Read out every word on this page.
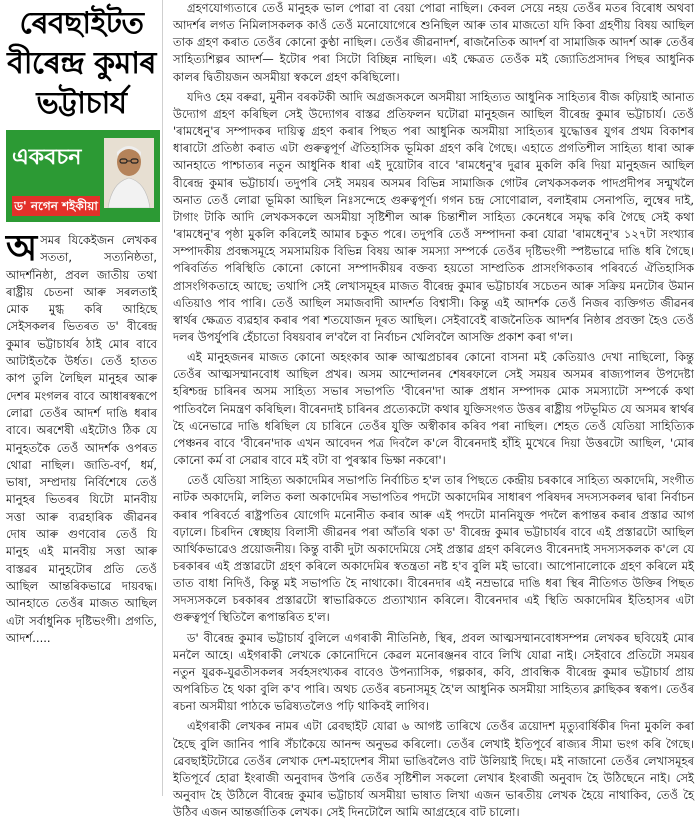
ৰেবছাইটত বীৰেন্দ্ৰ কুমাৰ ভট্টাচাৰ্য
একবচন
ড' নগেন শইকীয়া
অসমৰ যিকেইজন লেখকৰ সততা, সত্যনিষ্ঠতা, আদৰ্শনিষ্ঠা, প্ৰবল জাতীয় তথা ৰাষ্ট্ৰীয় চেতনা আৰু সৰলতাই মোক মুগ্ধ কৰি আহিছে সেইসকলৰ ভিতৰত ড' বীৰেন্দ্ৰ কুমাৰ ভট্টাচাৰ্যৰ ঠাই মোৰ বাবে আটাইতকৈ উৰ্ধত। তেওঁ হাতত কাপ তুলি লৈছিল মানুহৰ আৰু দেশৰ মংগলৰ বাবে আধাৰস্বৰূপে লোৱা তেওঁৰ আদৰ্শ দাঙি ধৰাৰ বাবে। অৰশেষী এইটোও ঠিক যে মানুহতকৈ তেওঁ আদৰ্শক ওপৰত থোৱা নাছিল। জাতি-বৰ্ণ, ধৰ্ম, ভাষা, সম্প্ৰদায় নিৰ্বিশেষে তেওঁ মানুহৰ ভিতৰৰ যিটো মানবীয় সত্তা আৰু ব্যৱহাৰিক জীৱনৰ দোষ আৰু গুণবোৰ তেওঁ যি মানুহ এই মানবীয় সত্তা আৰু বাস্তৱৰ মানুহটোৰ প্ৰতি তেওঁ আছিল আন্তৰিকভাৱে দায়বদ্ধ। আনহাতে তেওঁৰ মাজত আছিল এটা সৰ্বাধুনিক দৃষ্টিভংগী। প্ৰগতি, আদৰ্শ.....

গ্ৰহণযোগ্যতাৰে তেওঁ মানুহক ভাল পোৱা বা বেয়া পোৱা নাছিল। কেবল সেয়ে নহয় তেওঁৰ মতৰ বিৰোধ অথবা আদৰ্শৰ লগত নিমিলাসকলক কাওঁ তেওঁ মনোযোগেৰে শুনিছিল আৰু তাৰ মাজতো যদি কিবা গ্ৰহণীয় বিষয় আছিল তাক গ্ৰহণ কৰাত তেওঁৰ কোনো কুণ্ঠা নাছিল। তেওঁৰ জীৱনাদৰ্শ, ৰাজনৈতিক আদৰ্শ বা সামাজিক আদৰ্শ আৰু তেওঁৰ সাহিত্যশিল্পৰ আদৰ্শ— ইটোৰ পৰা সিটো বিচ্ছিন্ন নাছিল। এই ক্ষেত্ৰত তেওঁক মই জ্যোতিপ্ৰসাদৰ পিছৰ আধুনিক কালৰ দ্বিতীয়জন অসমীয়া স্বকলে গ্ৰহণ কৰিছিলো।

যদিও হেম বৰুৱা, মুনীন বৰকটকী আদি অগ্ৰজসকলে অসমীয়া সাহিত্যত আধুনিক সাহিত্যৰ বীজ কঢ়িয়াই আনাত উদ্যোগ গ্ৰহণ কৰিছিল সেই উদ্যোগৰ বাস্তৱ প্ৰতিফলন ঘটোৱা মানুহজন আছিল বীৰেন্দ্ৰ কুমাৰ ভট্টাচাৰ্য। তেওঁ 'ৰামধেনু'ৰ সম্পাদকৰ দায়িত্ব গ্ৰহণ কৰাৰ পিছত পৰা আধুনিক অসমীয়া সাহিত্যৰ যুদ্ধোত্তৰ যুগৰ প্ৰথম বিকাশৰ ধাৰাটো প্ৰতিষ্ঠা কৰাত এটা গুৰুত্বপূৰ্ণ ঐতিহাসিক ভূমিকা গ্ৰহণ কৰি গৈছে। এহাতে প্ৰগতিশীল সাহিত্য ধাৰা আৰু আনহাতে পাশ্চাত্যৰ নতুন আধুনিক ধাৰা এই দুয়োটাৰ বাবে 'ৰামধেনু'ৰ দুৱাৰ মুকলি কৰি দিয়া মানুহজন আছিল বীৰেন্দ্ৰ কুমাৰ ভট্টাচাৰ্য। তদুপৰি সেই সময়ৰ অসমৰ বিভিন্ন সামাজিক গোটৰ লেখকসকলক পাদপ্ৰদীপৰ সন্মুখলৈ অনাত তেওঁ লোৱা ভূমিকা আছিল নিঃসন্দেহে গুৰুত্বপূৰ্ণ। গগন চন্দ্ৰ সোণোৱাল, বলাইৰাম সেনাপতি, লুম্বেৰ দাই, টাগাং টাকি আদি লেখকসকলে অসমীয়া সৃষ্টিশীল আৰু চিন্তাশীল সাহিত্য কেনেধৰে সমৃদ্ধ কৰি গৈছে সেই কথা 'ৰামধেনু'ৰ পৃষ্ঠা মুকলি কৰিলেই আমাৰ চকুত পৰে। তদুপৰি তেওঁ সম্পাদনা কৰা যোৱা 'ৰামধেনু'ৰ ১২৭টা সংখ্যাৰ সম্পাদকীয় প্ৰবন্ধসমূহে সমসাময়িক বিভিন্ন বিষয় আৰু সমস্যা সম্পৰ্কে তেওঁৰ দৃষ্টিভংগী স্পষ্টভাৱে দাঙি ধৰি গৈছে। পৰিবৰ্তিত পৰিস্থিতি কোনো কোনো সম্পাদকীয়ৰ বক্তব্য হয়তো সাম্প্ৰতিক প্ৰাসংগিকতাৰ পৰিবৰ্তে ঐতিহাসিক প্ৰাসংগিকতাহে আছে; তথাপি সেই লেখাসমূহৰ মাজত বীৰেন্দ্ৰ কুমাৰ ভট্টাচাৰ্যৰ সচেতন আৰু সক্ৰিয় মনটোৰ উমান এতিয়াও পাব পাৰি। তেওঁ আছিল সমাজবাদী আদৰ্শত বিশ্বাসী। কিন্তু এই আদৰ্শক তেওঁ নিজৰ ব্যক্তিগত জীৱনৰ স্বাৰ্থৰ ক্ষেত্ৰত ব্যৱহাৰ কৰাৰ পৰা শতযোজন দূৰত আছিল। সেইবাবেই ৰাজনৈতিক আদৰ্শৰ নিষ্ঠাৰ প্ৰবক্তা হৈও তেওঁ দলৰ উপৰ্যুপৰি হেঁচাতো বিষয়বাৰ ল'বলৈ বা নিৰ্বাচন খেলিবলৈ আসক্তি প্ৰকাশ কৰা গ'ল।

এই মানুহজনৰ মাজত কোনো অহংকাৰ আৰু আত্মপ্ৰচাৰৰ কোনো বাসনা মই কেতিয়াও দেখা নাছিলো, কিন্তু তেওঁৰ আত্মসম্মানবোধ আছিল প্ৰখৰ। অসম আন্দোলনৰ শেষৰফালে সেই সময়ৰ অসমৰ ৰাজ্যপালৰ উপদেষ্টা হৰিশ্চন্দ্ৰ চাৰিনৰ অসম সাহিত্য সভাৰ সভাপতি 'বীৰেন'দা আৰু প্ৰধান সম্পাদক মোক সমস্যাটো সম্পৰ্কে কথা পাতিবলৈ নিমন্ত্ৰণ কৰিছিল। বীৰেনদাই চাৰিনৰ প্ৰত্যেকটো কথাৰ যুক্তিসংগত উত্তৰ ৰাষ্ট্ৰীয় পটভূমিত যে অসমৰ স্বাৰ্থৰ হৈ এনেভাৱে দাঙি ধৰিছিল যে চাৰিনে তেওঁৰ যুক্তি অস্বীকাৰ কৰিব পৰা নাছিল। শেহত তেওঁ যেতিয়া সাহিত্যিক পেঞ্চনৰ বাবে 'বীৰেন'দাক এখন আবেদন পত্ৰ দিবলৈ ক'লে বীৰেনদাই হাঁহি মুখেৰে দিয়া উত্তৰটো আছিল, 'মোৰ কোনো কৰ্ম বা সেৱাৰ বাবে মই বটা বা পুৰস্কাৰ ভিক্ষা নকৰো'।

তেওঁ যেতিয়া সাহিত্য অকাদেমিৰ সভাপতি নিৰ্বাচিত হ'ল তাৰ পিছতে কেন্দ্ৰীয় চৰকাৰে সাহিত্য অকাদেমি, সংগীত নাটক অকাদেমি, ললিত কলা অকাদেমিৰ সভাপতিৰ পদটো অকাদেমিৰ সাধাৰণ পৰিষদৰ সদস্যসকলৰ দ্বাৰা নিৰ্বাচন কৰাৰ পৰিবৰ্তে ৰাষ্ট্ৰপতিৰ যোগেদি মনোনীত কৰাৰ আৰু এই পদটো মাননিযুক্ত পদলৈ ৰূপান্তৰ কৰাৰ প্ৰস্তাৱ আগ বঢ়ালে। চিৰদিন স্বেচ্ছায় বিলাসী জীৱনৰ পৰা আঁতৰি থকা ড' বীৰেন্দ্ৰ কুমাৰ ভট্টাচাৰ্যৰ বাবে এই প্ৰস্তাৱটো আছিল আৰ্থিকভাৱেও প্ৰয়োজনীয়। কিন্তু বাকী দুটা অকাদেমিয়ে সেই প্ৰস্তাৱ গ্ৰহণ কৰিলেও বীৰেনদাই সদস্যসকলক ক'লে যে চৰকাৰৰ এই প্ৰস্তাৱটো গ্ৰহণ কৰিলে অকাদেমিৰ স্বতন্ত্ৰতা নষ্ট হ'ব বুলি মই ভাবো। আপোনালোকে গ্ৰহণ কৰিলে মই তাত বাধা নিদিওঁ, কিন্তু মই সভাপতি হৈ নাথাকো। বীৰেনদাৰ এই নম্ৰভাৱে দাঙি ধৰা স্থিৰ নীতিগত উক্তিৰ পিছত সদস্যসকলে চৰকাৰৰ প্ৰস্তাৱটো স্বাভাৱিকতে প্ৰত্যাখ্যান কৰিলে। বীৰেনদাৰ এই স্থিতি অকাদেমিৰ ইতিহাসৰ এটা গুৰুত্বপূৰ্ণ স্থিতিলৈ ৰূপান্তৰিত হ'ল।

ড' বীৰেন্দ্ৰ কুমাৰ ভট্টাচাৰ্য বুলিলে এগৰাকী নীতিনিষ্ঠ, স্থিৰ, প্ৰবল আত্মসম্মানবোধসম্পন্ন লেখকৰ ছবিয়েই মোৰ মনলৈ আহে। এইগৰাকী লেখকে কোনোদিনে কেৱল মনোৰঞ্জনৰ বাবে লিখি যোৱা নাই। সেইবাবে প্ৰতিটো সময়ৰ নতুন যুৱক-যুৱতীসকলৰ সৰ্বহসংখ্যকৰ বাবেও উপন্যাসিক, গল্পকাৰ, কবি, প্ৰাবন্ধিক বীৰেন্দ্ৰ কুমাৰ ভট্টাচাৰ্য প্ৰায় অপৰিচিত হৈ থকা বুলি ক'ব পাৰি। অথচ তেওঁৰ ৰচনাসমূহ হৈ'ল আধুনিক অসমীয়া সাহিত্যৰ ক্লাছিকৰ স্বৰূপ। তেওঁৰ ৰচনা অসমীয়া পাঠকে ভৱিষ্যতলৈও পঢ়ি থাকিবই লাগিব।

এইগৰাকী লেখকৰ নামৰ এটা ৱেবছাইট যোৱা ৬ আগষ্ট তাৰিখে তেওঁৰ ত্ৰয়োদশ মৃত্যুবাৰ্ষিকীৰ দিনা মুকলি কৰা হৈছে বুলি জানিব পাৰি সঁচাকৈয়ে আনন্দ অনুভৱ কৰিলো। তেওঁৰ লেখাই ইতিপূৰ্বে ৰাজ্যৰ সীমা ভংগ কৰি গৈছে। ৱেবছাইটটোৱে তেওঁৰ লেখাক দেশ-মহাদেশৰ সীমা ভাঙিবলৈও বাট উলিয়াই দিছে। মই নাজানো তেওঁৰ লেখাসমূহৰ ইতিপূৰ্বে হোৱা ইংৰাজী অনুবাদৰ উপৰি তেওঁৰ সৃষ্টিশীল সকলো লেখাৰ ইংৰাজী অনুবাদ হৈ উঠিছেনে নাই। সেই অনুবাদ হৈ উঠিলে বীৰেন্দ্ৰ কুমাৰ ভট্টাচাৰ্য অসমীয়া ভাষাত লিখা এজন ভাৰতীয় লেখক হৈয়ে নাথাকিব, তেওঁ হৈ উঠিব এজন আন্তৰ্জাতিক লেখক। সেই দিনটোলৈ আমি আগ্ৰহেৰে বাট চালো।
